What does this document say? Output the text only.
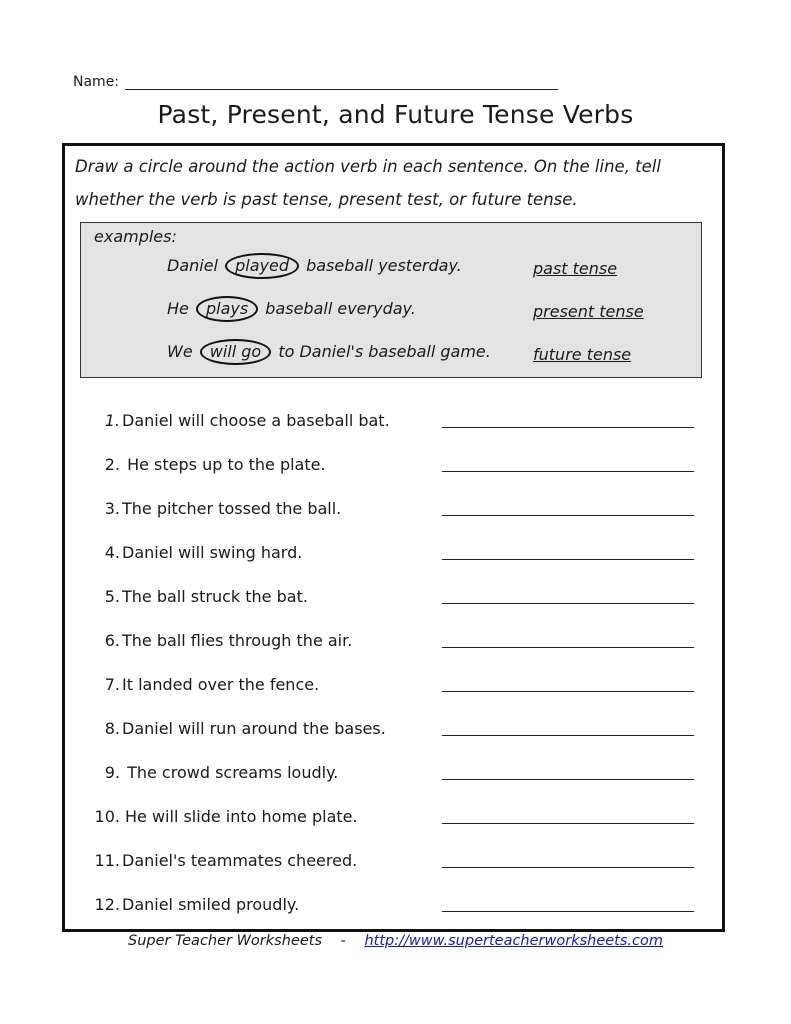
Name:
Past, Present, and Future Tense Verbs

Draw a circle around the action verb in each sentence. On the line, tell whether the verb is past tense, present test, or future tense.

examples:
Daniel played baseball yesterday.	past tense
He plays baseball everyday.	present tense
We will go to Daniel's baseball game.	future tense
1. Daniel will choose a baseball bat.
2. He steps up to the plate.
3. The pitcher tossed the ball.
4. Daniel will swing hard.
5. The ball struck the bat.
6. The ball flies through the air.
7. It landed over the fence.
8. Daniel will run around the bases.
9. The crowd screams loudly.
10. He will slide into home plate.
11. Daniel's teammates cheered.
12. Daniel smiled proudly.
Super Teacher Worksheets - http://www.superteacherworksheets.com
